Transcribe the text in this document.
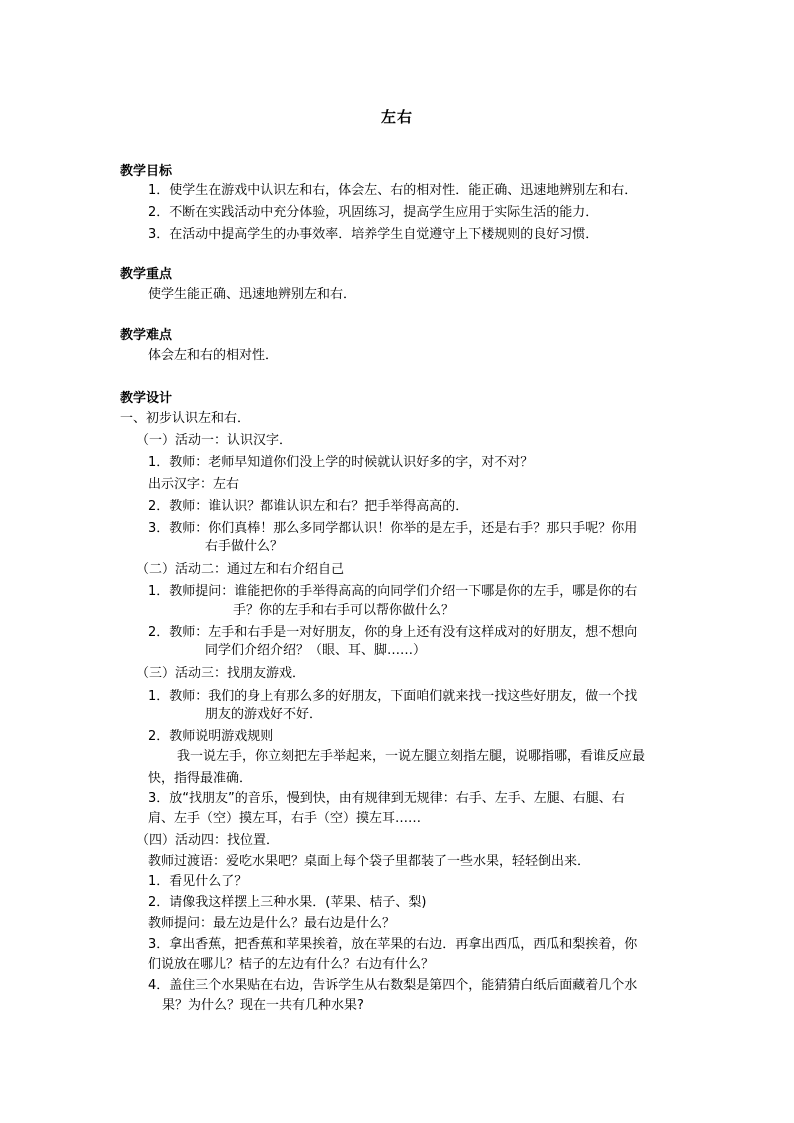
左右
教学目标
1．使学生在游戏中认识左和右，体会左、右的相对性．能正确、迅速地辨别左和右．
2．不断在实践活动中充分体验，巩固练习，提高学生应用于实际生活的能力．
3．在活动中提高学生的办事效率．培养学生自觉遵守上下楼规则的良好习惯．
教学重点
使学生能正确、迅速地辨别左和右．
教学难点
体会左和右的相对性．
教学设计
一、初步认识左和右．
（一）活动一：认识汉字．
1．教师：老师早知道你们没上学的时候就认识好多的字，对不对？
出示汉字：左右
2．教师：谁认识？都谁认识左和右？把手举得高高的．
3．教师：你们真棒！那么多同学都认识！你举的是左手，还是右手？那只手呢？你用
右手做什么？
（二）活动二：通过左和右介绍自己
1．教师提问：谁能把你的手举得高高的向同学们介绍一下哪是你的左手，哪是你的右
手？你的左手和右手可以帮你做什么？
2．教师：左手和右手是一对好朋友，你的身上还有没有这样成对的好朋友，想不想向
同学们介绍介绍？（眼、耳、脚……）
（三）活动三：找朋友游戏．
1．教师：我们的身上有那么多的好朋友，下面咱们就来找一找这些好朋友，做一个找
朋友的游戏好不好．
2．教师说明游戏规则
我一说左手，你立刻把左手举起来，一说左腿立刻指左腿，说哪指哪，看谁反应最
快，指得最准确．
3．放“找朋友”的音乐，慢到快，由有规律到无规律：右手、左手、左腿、右腿、右
肩、左手（空）摸左耳，右手（空）摸左耳……
（四）活动四：找位置．
教师过渡语：爱吃水果吧？桌面上每个袋子里都装了一些水果，轻轻倒出来．
1．看见什么了？
2．请像我这样摆上三种水果．(苹果、桔子、梨)
教师提问：最左边是什么？最右边是什么？
3．拿出香蕉，把香蕉和苹果挨着，放在苹果的右边．再拿出西瓜，西瓜和梨挨着，你
们说放在哪儿？桔子的左边有什么？右边有什么？
4．盖住三个水果贴在右边，告诉学生从右数梨是第四个，能猜猜白纸后面藏着几个水
果？为什么？现在一共有几种水果?
